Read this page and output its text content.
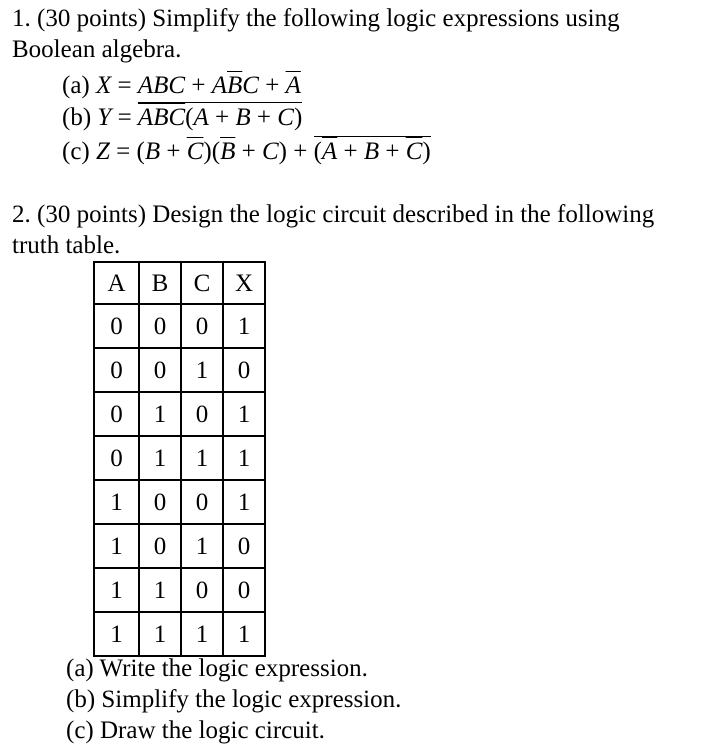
1. (30 points) Simplify the following logic expressions using
Boolean algebra.
(a) X = ABC + $A\overline{B}C + \overline{A}$
(b) $Y = \overline{ABC}(A + B + C)$
(c) $Z = (B + \overline{C})(\overline{B} + C) + (\overline{A} + B + \overline{C})$
2. (30 points) Design the logic circuit described in the following
truth table.
A	B	C	X
0	0	0	1
0	0	1	0
0	1	0	1
0	1	1	1
1	0	0	1
1	0	1	0
1	1	0	0
1	1	1	1
(a) Write the logic expression.
(b) Simplify the logic expression.
(c) Draw the logic circuit.
